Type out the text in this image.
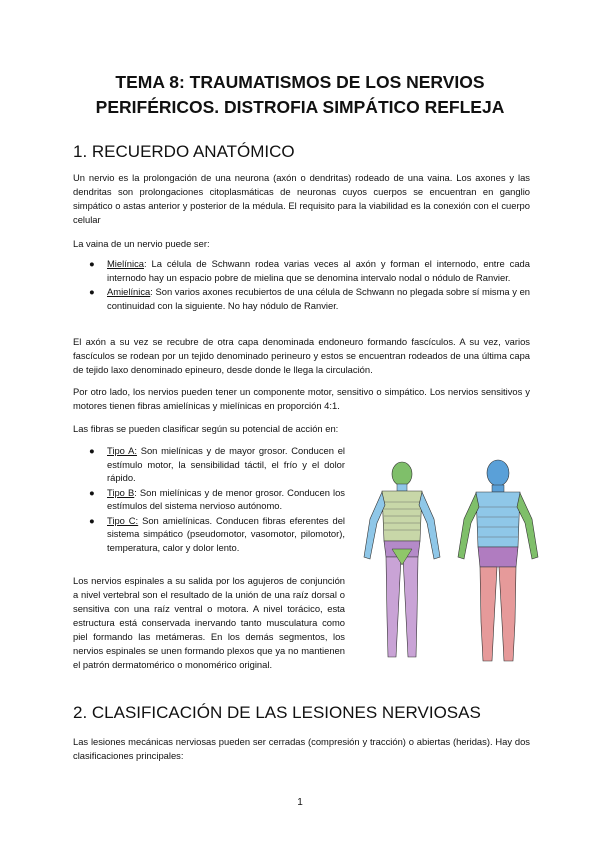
TEMA 8: TRAUMATISMOS DE LOS NERVIOS
PERIFÉRICOS. DISTROFIA SIMPÁTICO REFLEJA
1. RECUERDO ANATÓMICO

Un nervio es la prolongación de una neurona (axón o dendritas) rodeado de una vaina. Los axones y las dendritas son prolongaciones citoplasmáticas de neuronas cuyos cuerpos se encuentran en ganglio simpático o astas anterior y posterior de la médula. El requisito para la viabilidad es la conexión con el cuerpo celular

La vaina de un nervio puede ser:

● Mielínica: La célula de Schwann rodea varias veces al axón y forman el internodo, entre cada internodo hay un espacio pobre de mielina que se denomina intervalo nodal o nódulo de Ranvier.
● Amielínica: Son varios axones recubiertos de una célula de Schwann no plegada sobre sí misma y en continuidad con la siguiente. No hay nódulo de Ranvier.

El axón a su vez se recubre de otra capa denominada endoneuro formando fascículos. A su vez, varios fascículos se rodean por un tejido denominado perineuro y estos se encuentran rodeados de una última capa de tejido laxo denominado epineuro, desde donde le llega la circulación.

Por otro lado, los nervios pueden tener un componente motor, sensitivo o simpático. Los nervios sensitivos y motores tienen fibras amielínicas y mielínicas en proporción 4:1.

Las fibras se pueden clasificar según su potencial de acción en:

● Tipo A: Son mielínicas y de mayor grosor. Conducen el estímulo motor, la sensibilidad táctil, el frío y el dolor rápido.
● Tipo B: Son mielínicas y de menor grosor. Conducen los estímulos del sistema nervioso autónomo.
● Tipo C: Son amielínicas. Conducen fibras eferentes del sistema simpático (pseudomotor, vasomotor, pilomotor), temperatura, calor y dolor lento.

Los nervios espinales a su salida por los agujeros de conjunción a nivel vertebral son el resultado de la unión de una raíz dorsal o sensitiva con una raíz ventral o motora. A nivel torácico, esta estructura está conservada inervando tanto musculatura como piel formando las metámeras. En los demás segmentos, los nervios espinales se unen formando plexos que ya no mantienen el patrón dermatomérico o monomérico original.

2. CLASIFICACIÓN DE LAS LESIONES NERVIOSAS

Las lesiones mecánicas nerviosas pueden ser cerradas (compresión y tracción) o abiertas (heridas). Hay dos clasificaciones principales:

1
